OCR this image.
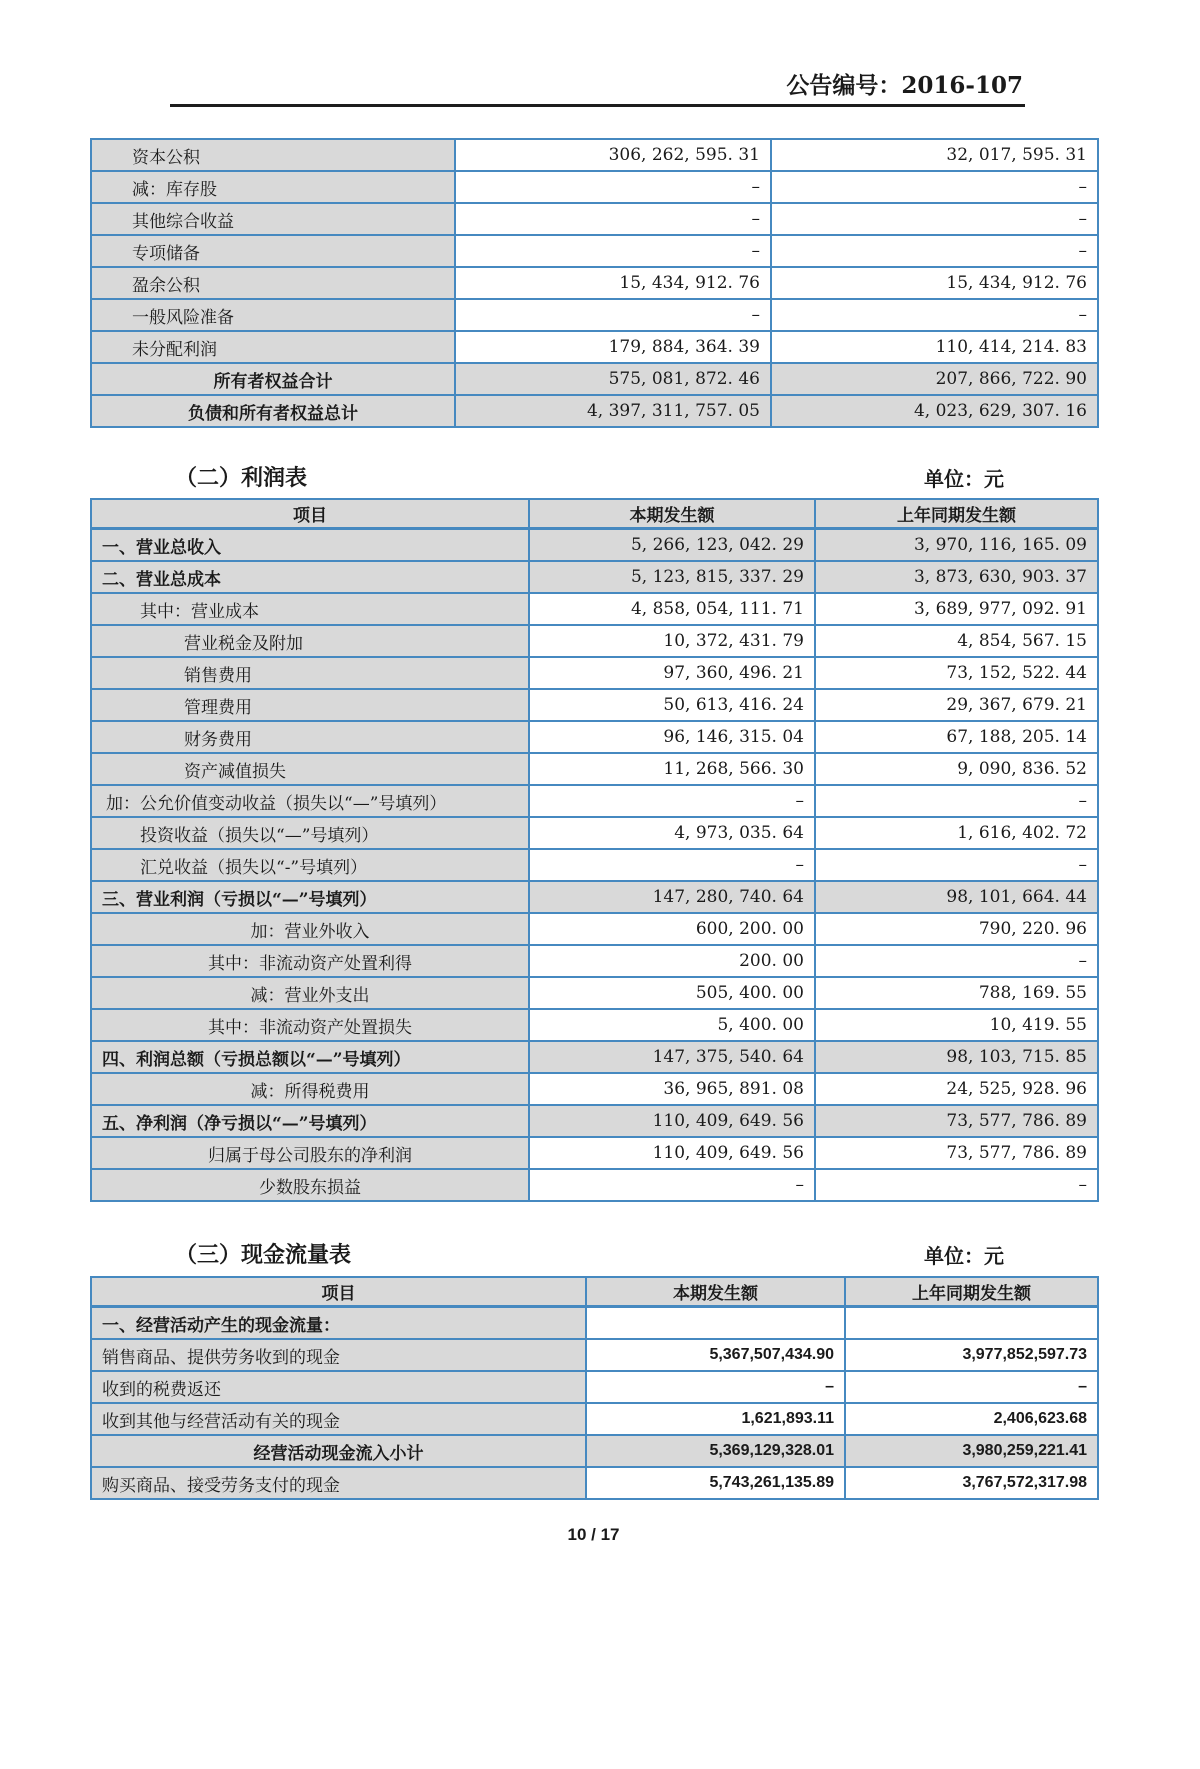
公告编号：2016-107
资本公积	306, 262, 595. 31	32, 017, 595. 31
减：库存股	–	–
其他综合收益	–	–
专项储备	–	–
盈余公积	15, 434, 912. 76	15, 434, 912. 76
一般风险准备	–	–
未分配利润	179, 884, 364. 39	110, 414, 214. 83
所有者权益合计	575, 081, 872. 46	207, 866, 722. 90
负债和所有者权益总计	4, 397, 311, 757. 05	4, 023, 629, 307. 16
（二）利润表	单位：元
项目	本期发生额	上年同期发生额
一、营业总收入	5, 266, 123, 042. 29	3, 970, 116, 165. 09
二、营业总成本	5, 123, 815, 337. 29	3, 873, 630, 903. 37
其中：营业成本	4, 858, 054, 111. 71	3, 689, 977, 092. 91
营业税金及附加	10, 372, 431. 79	4, 854, 567. 15
销售费用	97, 360, 496. 21	73, 152, 522. 44
管理费用	50, 613, 416. 24	29, 367, 679. 21
财务费用	96, 146, 315. 04	67, 188, 205. 14
资产减值损失	11, 268, 566. 30	9, 090, 836. 52
加：公允价值变动收益（损失以“—”号填列）	–	–
投资收益（损失以“—”号填列）	4, 973, 035. 64	1, 616, 402. 72
汇兑收益（损失以“-”号填列）	–	–
三、营业利润（亏损以“—”号填列）	147, 280, 740. 64	98, 101, 664. 44
加：营业外收入	600, 200. 00	790, 220. 96
其中：非流动资产处置利得	200. 00	–
减：营业外支出	505, 400. 00	788, 169. 55
其中：非流动资产处置损失	5, 400. 00	10, 419. 55
四、利润总额（亏损总额以“—”号填列）	147, 375, 540. 64	98, 103, 715. 85
减：所得税费用	36, 965, 891. 08	24, 525, 928. 96
五、净利润（净亏损以“—”号填列）	110, 409, 649. 56	73, 577, 786. 89
归属于母公司股东的净利润	110, 409, 649. 56	73, 577, 786. 89
少数股东损益	–	–
（三）现金流量表	单位：元
项目	本期发生额	上年同期发生额
一、经营活动产生的现金流量：		
销售商品、提供劳务收到的现金	5,367,507,434.90	3,977,852,597.73
收到的税费返还	–	–
收到其他与经营活动有关的现金	1,621,893.11	2,406,623.68
经营活动现金流入小计	5,369,129,328.01	3,980,259,221.41
购买商品、接受劳务支付的现金	5,743,261,135.89	3,767,572,317.98
10 / 17
